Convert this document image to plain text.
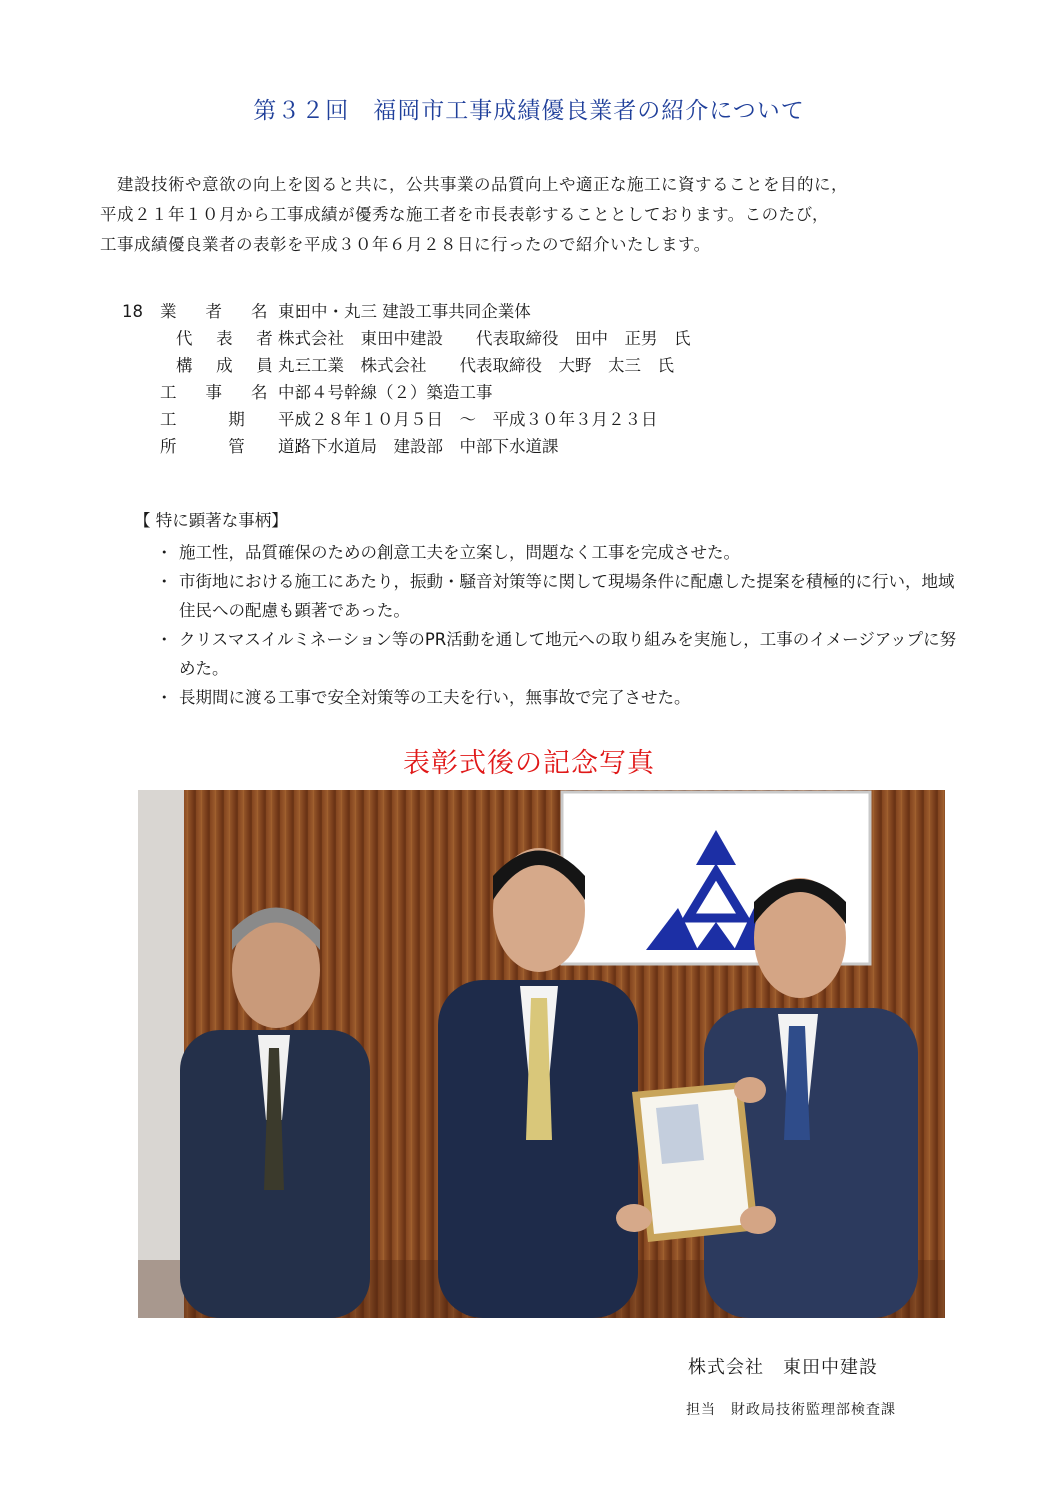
第３２回　福岡市工事成績優良業者の紹介について

　建設技術や意欲の向上を図ると共に，公共事業の品質向上や適正な施工に資することを目的に，

平成２１年１０月から工事成績が優秀な施工者を市長表彰することとしております。このたび，

工事成績優良業者の表彰を平成３０年６月２８日に行ったので紹介いたします。

18	業者名:
東田中・丸三 建設工事共同企業体
代表者:
株式会社　東田中建設　　代表取締役　田中　正男　氏
構成員:
丸三工業　株式会社　　代表取締役　大野　太三　氏
工事名:
中部４号幹線（２）築造工事
工期:
平成２８年１０月５日　～　平成３０年３月２３日
所管:
道路下水道局　建設部　中部下水道課
【 特に顕著な事柄】
・ 施工性，品質確保のための創意工夫を立案し，問題なく工事を完成させた。
・ 市街地における施工にあたり，振動・騒音対策等に関して現場条件に配慮した提案を積極的に行い，地域住民への配慮も顕著であった。
・ クリスマスイルミネーション等のPR活動を通して地元への取り組みを実施し，工事のイメージアップに努めた。
・ 長期間に渡る工事で安全対策等の工夫を行い，無事故で完了させた。
表彰式後の記念写真
株式会社　東田中建設
担当　財政局技術監理部検査課
